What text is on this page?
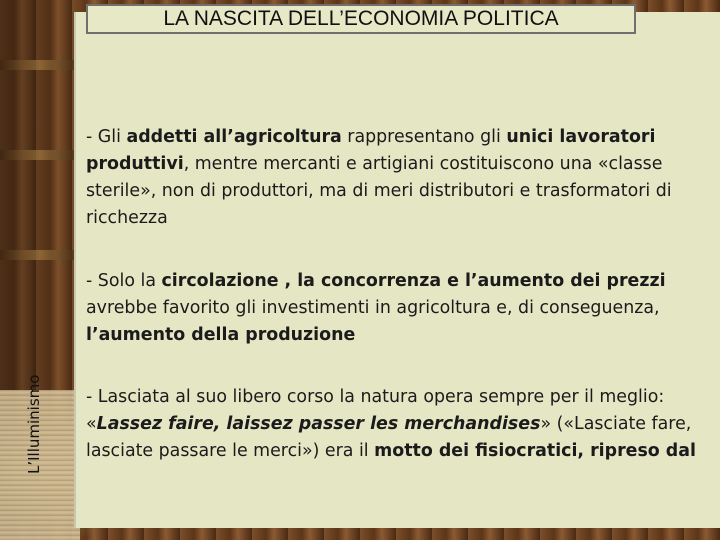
LA NASCITA DELL’ECONOMIA POLITICA
L’Illuminismo

- Gli addetti all’agricoltura rappresentano gli unici lavoratori produttivi, mentre mercanti e artigiani costituiscono una «classe sterile», non di produttori, ma di meri distributori e trasformatori di ricchezza

- Solo la circolazione , la concorrenza e l’aumento dei prezzi avrebbe favorito gli investimenti in agricoltura e, di conseguenza, l’aumento della produzione

- Lasciata al suo libero corso la natura opera sempre per il meglio: «Lassez faire, laissez passer les merchandises» («Lasciate fare, lasciate passare le merci») era il motto dei fisiocratici, ripreso dal
